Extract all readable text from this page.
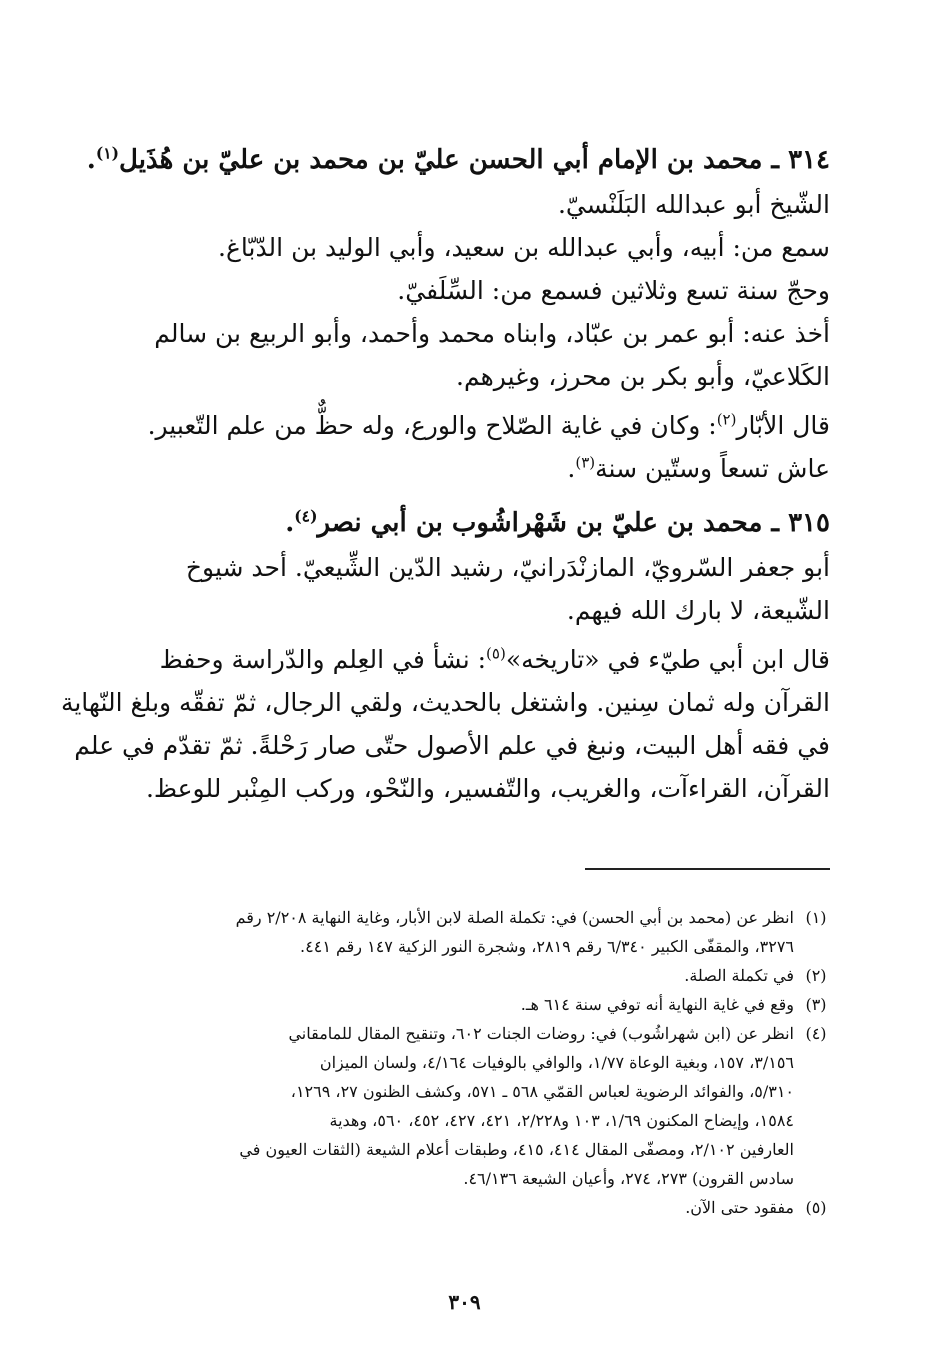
٣١٤ ـ محمد بن الإمام أبي الحسن عليّ بن محمد بن عليّ بن هُذَيل$^{(١)}$.
الشّيخ أبو عبدالله البَلَنْسيّ.
سمع من: أبيه، وأبي عبدالله بن سعيد، وأبي الوليد بن الدّبّاغ.
وحجّ سنة تسع وثلاثين فسمع من: السِّلَفيّ.
أخذ عنه: أبو عمر بن عبّاد، وابناه محمد وأحمد، وأبو الربيع بن سالم
الكَلاعيّ، وأبو بكر بن محرز، وغيرهم.
قال الأبّار$^{(٢)}$: وكان في غاية الصّلاح والورع، وله حظٌّ من علم التّعبير.
عاش تسعاً وستّين سنة$^{(٣)}$.
٣١٥ ـ محمد بن عليّ بن شَهْراشُوب بن أبي نصر$^{(٤)}$.
أبو جعفر السّرويّ، المازنْدَرانيّ، رشيد الدّين الشِّيعيّ. أحد شيوخ
الشّيعة، لا بارك الله فيهم.
قال ابن أبي طيّء في «تاريخه»$^{(٥)}$: نشأ في العِلم والدّراسة وحفظ
القرآن وله ثمان سِنين. واشتغل بالحديث، ولقي الرجال، ثمّ تفقّه وبلغ النّهاية
في فقه أهل البيت، ونبغ في علم الأصول حتّى صار رَحْلةً. ثمّ تقدّم في علم
القرآن، القراءآت، والغريب، والتّفسير، والنّحْو، وركب المِنْبر للوعظ.
(١)
انظر عن (محمد بن أبي الحسن) في: تكملة الصلة لابن الأبار، وغاية النهاية ٢/٢٠٨ رقم
٣٢٧٦، والمقفّى الكبير ٦/٣٤٠ رقم ٢٨١٩، وشجرة النور الزكية ١٤٧ رقم ٤٤١.
(٢)
في تكملة الصلة.
(٣)
وقع في غاية النهاية أنه توفي سنة ٦١٤ هـ.
(٤)
انظر عن (ابن شهراشُوب) في: روضات الجنات ٦٠٢، وتنقيح المقال للمامقاني
٣/١٥٦، ١٥٧، وبغية الوعاة ١/٧٧، والوافي بالوفيات ٤/١٦٤، ولسان الميزان
٥/٣١٠، والفوائد الرضوية لعباس القمّي ٥٦٨ ـ ٥٧١، وكشف الظنون ٢٧، ١٢٦٩،
١٥٨٤، وإيضاح المكنون ١/٦٩، ١٠٣ و٢/٢٢٨، ٤٢١، ٤٢٧، ٤٥٢، ٥٦٠، وهدية
العارفين ٢/١٠٢، ومصفّى المقال ٤١٤، ٤١٥، وطبقات أعلام الشيعة (الثقات العيون في
سادس القرون) ٢٧٣، ٢٧٤، وأعيان الشيعة ٤٦/١٣٦.
(٥)
مفقود حتى الآن.
٣٠٩
